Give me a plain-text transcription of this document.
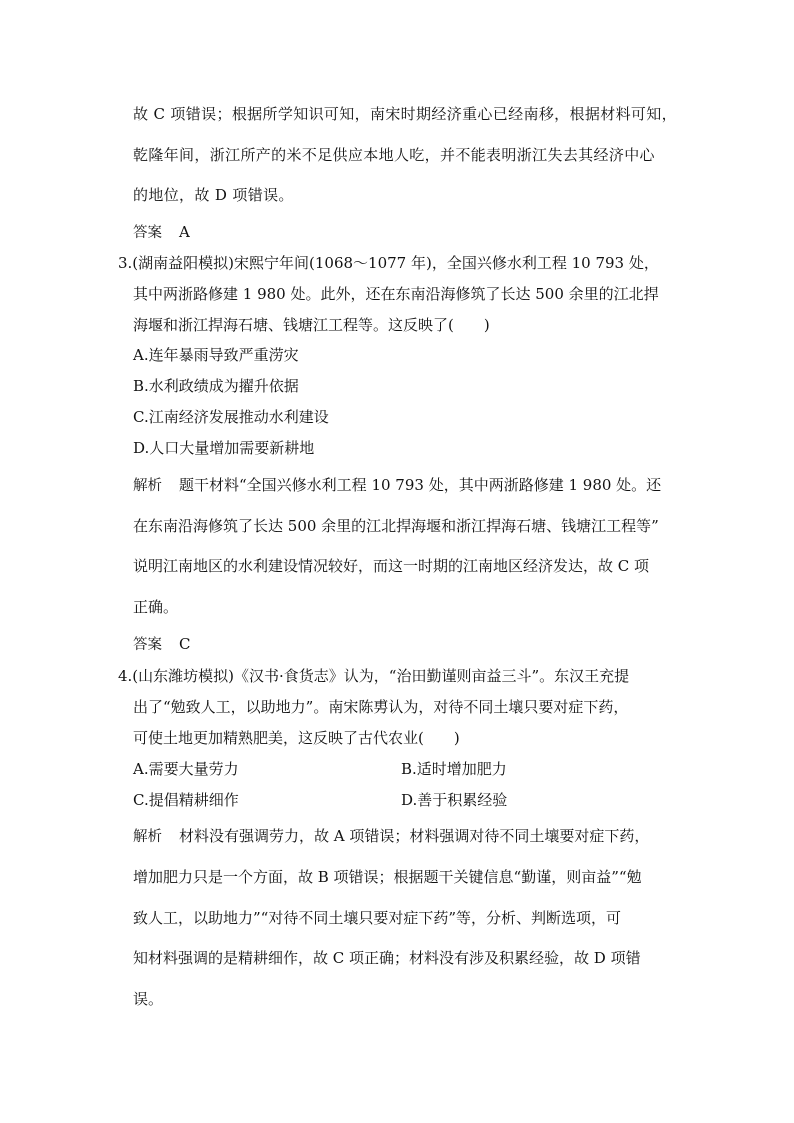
故 C 项错误；根据所学知识可知，南宋时期经济重心已经南移，根据材料可知，
乾隆年间，浙江所产的米不足供应本地人吃，并不能表明浙江失去其经济中心
的地位，故 D 项错误。
答案 A
3.(湖南益阳模拟)宋熙宁年间(1068～1077 年)，全国兴修水利工程 10 793 处，
其中两浙路修建 1 980 处。此外，还在东南沿海修筑了长达 500 余里的江北捍
海堰和浙江捍海石塘、钱塘江工程等。这反映了(　　)
A.连年暴雨导致严重涝灾
B.水利政绩成为擢升依据
C.江南经济发展推动水利建设
D.人口大量增加需要新耕地
解析 题干材料“全国兴修水利工程 10 793 处，其中两浙路修建 1 980 处。还
在东南沿海修筑了长达 500 余里的江北捍海堰和浙江捍海石塘、钱塘江工程等”
说明江南地区的水利建设情况较好，而这一时期的江南地区经济发达，故 C 项
正确。
答案 C
4.(山东潍坊模拟)《汉书·食货志》认为，“治田勤谨则亩益三斗”。东汉王充提
出了“勉致人工，以助地力”。南宋陈旉认为，对待不同土壤只要对症下药，
可使土地更加精熟肥美，这反映了古代农业(　　)
A.需要大量劳力	B.适时增加肥力
C.提倡精耕细作	D.善于积累经验
解析 材料没有强调劳力，故 A 项错误；材料强调对待不同土壤要对症下药，
增加肥力只是一个方面，故 B 项错误；根据题干关键信息“勤谨，则亩益”“勉
致人工，以助地力”“对待不同土壤只要对症下药”等，分析、判断选项，可
知材料强调的是精耕细作，故 C 项正确；材料没有涉及积累经验，故 D 项错
误。
